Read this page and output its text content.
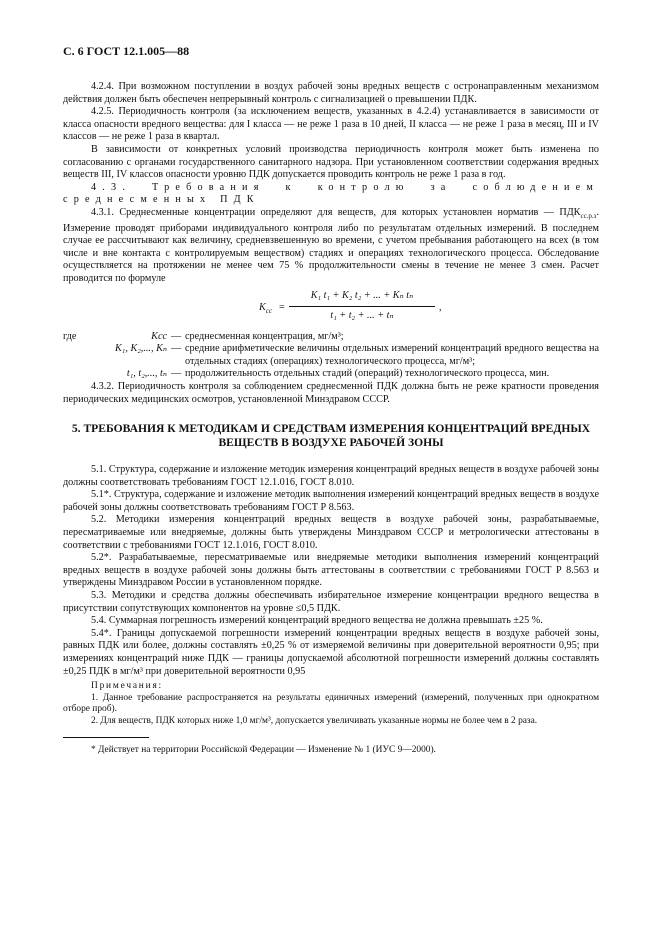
С. 6 ГОСТ 12.1.005—88

4.2.4. При возможном поступлении в воздух рабочей зоны вредных веществ с остронаправленным механизмом действия должен быть обеспечен непрерывный контроль с сигнализацией о превышении ПДК.

4.2.5. Периодичность контроля (за исключением веществ, указанных в 4.2.4) устанавливается в зависимости от класса опасности вредного вещества: для I класса — не реже 1 раза в 10 дней, II класса — не реже 1 раза в месяц, III и IV классов — не реже 1 раза в квартал.

В зависимости от конкретных условий производства периодичность контроля может быть изменена по согласованию с органами государственного санитарного надзора. При установленном соответствии содержания вредных веществ III, IV классов опасности уровню ПДК допускается проводить контроль не реже 1 раза в год.

4.3. Требования к контролю за соблюдением среднесменных ПДК

4.3.1. Среднесменные концентрации определяют для веществ, для которых установлен норматив — $ПДК_{сс.р.з}$. Измерение проводят приборами индивидуального контроля либо по результатам отдельных измерений. В последнем случае ее рассчитывают как величину, средневзвешенную во времени, с учетом пребывания работающего на всех (в том числе и вне контакта с контролируемым веществом) стадиях и операциях технологического процесса. Обследование осуществляется на протяжении не менее чем 75 % продолжительности смены в течение не менее 3 смен. Расчет проводится по формуле

$K_{сс}$ =
K₁ t₁ + K₂ t₂ + ... + Kₙ tₙ
t₁ + t₂ + ... + tₙ
,
где	Kсс — среднесменная концентрация, мг/м³;
K₁, K₂,..., Kₙ — средние арифметические величины отдельных измерений концентраций вредного вещества на отдельных стадиях (операциях) технологического процесса, мг/м³;
t₁, t₂,..., tₙ — продолжительность отдельных стадий (операций) технологического процесса, мин.

4.3.2. Периодичность контроля за соблюдением среднесменной ПДК должна быть не реже кратности проведения периодических медицинских осмотров, установленной Минздравом СССР.

5. ТРЕБОВАНИЯ К МЕТОДИКАМ И СРЕДСТВАМ ИЗМЕРЕНИЯ КОНЦЕНТРАЦИЙ ВРЕДНЫХ ВЕЩЕСТВ В ВОЗДУХЕ РАБОЧЕЙ ЗОНЫ

5.1. Структура, содержание и изложение методик измерения концентраций вредных веществ в воздухе рабочей зоны должны соответствовать требованиям ГОСТ 12.1.016, ГОСТ 8.010.

5.1*. Структура, содержание и изложение методик выполнения измерений концентраций вредных веществ в воздухе рабочей зоны должны соответствовать требованиям ГОСТ Р 8.563.

5.2. Методики измерения концентраций вредных веществ в воздухе рабочей зоны, разрабатываемые, пересматриваемые или внедряемые, должны быть утверждены Минздравом СССР и метрологически аттестованы в соответствии с требованиями ГОСТ 12.1.016, ГОСТ 8.010.

5.2*. Разрабатываемые, пересматриваемые или внедряемые методики выполнения измерений концентраций вредных веществ в воздухе рабочей зоны должны быть аттестованы в соответствии с требованиями ГОСТ Р 8.563 и утверждены Минздравом России в установленном порядке.

5.3. Методики и средства должны обеспечивать избирательное измерение концентрации вредного вещества в присутствии сопутствующих компонентов на уровне ≤0,5 ПДК.

5.4. Суммарная погрешность измерений концентраций вредного вещества не должна превышать ±25 %.

5.4*. Границы допускаемой погрешности измерений концентрации вредных веществ в воздухе рабочей зоны, равных ПДК или более, должны составлять ±0,25 % от измеряемой величины при доверительной вероятности 0,95; при измерениях концентраций ниже ПДК — границы допускаемой абсолютной погрешности измерений должны составлять ±0,25 ПДК в мг/м³ при доверительной вероятности 0,95

Примечания:

1. Данное требование распространяется на результаты единичных измерений (измерений, полученных при однократном отборе проб).

2. Для веществ, ПДК которых ниже 1,0 мг/м³, допускается увеличивать указанные нормы не более чем в 2 раза.

* Действует на территории Российской Федерации — Изменение № 1 (ИУС 9—2000).
